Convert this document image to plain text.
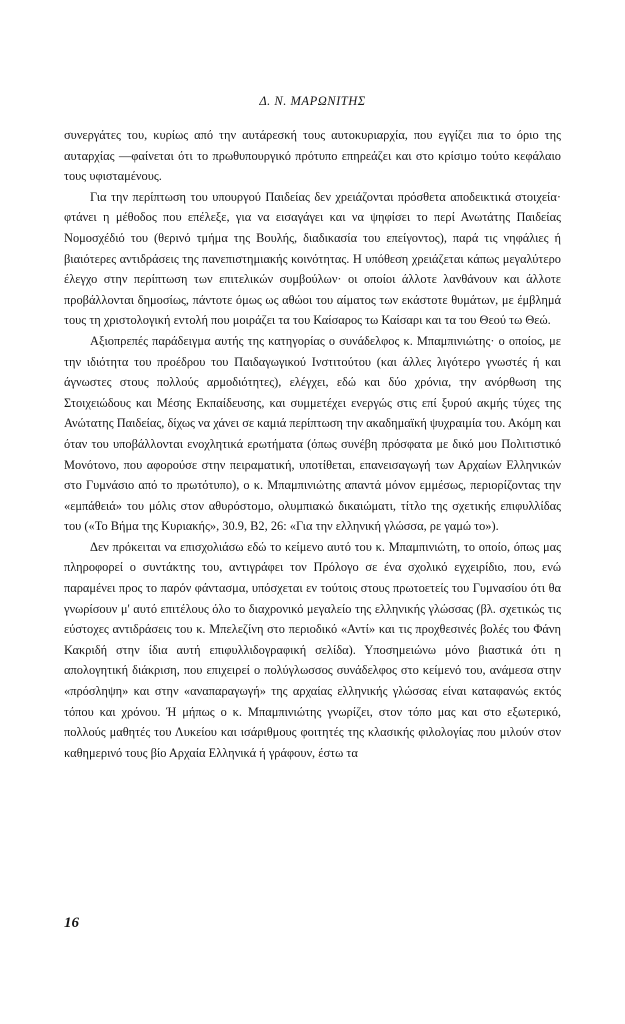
Δ. Ν. ΜΑΡΩΝΙΤΗΣ

συνεργάτες του, κυρίως από την αυτάρεσκή τους αυτοκυριαρχία, που εγγίζει πια το όριο της αυταρχίας —φαίνεται ότι το πρωθυπουργικό πρότυπο επηρεάζει και στο κρίσιμο τούτο κεφάλαιο τους υφισταμένους.

Για την περίπτωση του υπουργού Παιδείας δεν χρειάζονται πρόσθετα αποδεικτικά στοιχεία· φτάνει η μέθοδος που επέλεξε, για να εισαγάγει και να ψηφίσει το περί Ανωτάτης Παιδείας Νομοσχέδιό του (θερινό τμήμα της Βουλής, διαδικασία του επείγοντος), παρά τις νηφάλιες ή βιαιότερες αντιδράσεις της πανεπιστημιακής κοινότητας. Η υπόθεση χρειάζεται κάπως μεγαλύτερο έλεγχο στην περίπτωση των επιτελικών συμβούλων· οι οποίοι άλλοτε λανθάνουν και άλλοτε προβάλλονται δημοσίως, πάντοτε όμως ως αθώοι του αίματος των εκάστοτε θυμάτων, με έμβλημά τους τη χριστολογική εντολή που μοιράζει τα του Καίσαρος τω Καίσαρι και τα του Θεού τω Θεώ.

Αξιοπρεπές παράδειγμα αυτής της κατηγορίας ο συνάδελφος κ. Μπαμπινιώτης· ο οποίος, με την ιδιότητα του προέδρου του Παιδαγωγικού Ινστιτούτου (και άλλες λιγότερο γνωστές ή και άγνωστες στους πολλούς αρμοδιότητες), ελέγχει, εδώ και δύο χρόνια, την ανόρθωση της Στοιχειώδους και Μέσης Εκπαίδευσης, και συμμετέχει ενεργώς στις επί ξυρού ακμής τύχες της Ανώτατης Παιδείας, δίχως να χάνει σε καμιά περίπτωση την ακαδημαϊκή ψυχραιμία του. Ακόμη και όταν του υποβάλλονται ενοχλητικά ερωτήματα (όπως συνέβη πρόσφατα με δικό μου Πολιτιστικό Μονότονο, που αφορούσε στην πειραματική, υποτίθεται, επανεισαγωγή των Αρχαίων Ελληνικών στο Γυμνάσιο από το πρωτότυπο), ο κ. Μπαμπινιώτης απαντά μόνον εμμέσως, περιορίζοντας την «εμπάθειά» του μόλις στον αθυρόστομο, ολυμπιακώ δικαιώματι, τίτλο της σχετικής επιφυλλίδας του («Το Βήμα της Κυριακής», 30.9, Β2, 26: «Για την ελληνική γλώσσα, ρε γαμώ το»).

Δεν πρόκειται να επισχολιάσω εδώ το κείμενο αυτό του κ. Μπαμπινιώτη, το οποίο, όπως μας πληροφορεί ο συντάκτης του, αντιγράφει τον Πρόλογο σε ένα σχολικό εγχειρίδιο, που, ενώ παραμένει προς το παρόν φάντασμα, υπόσχεται εν τούτοις στους πρωτοετείς του Γυμνασίου ότι θα γνωρίσουν μ' αυτό επιτέλους όλο το διαχρονικό μεγαλείο της ελληνικής γλώσσας (βλ. σχετικώς τις εύστοχες αντιδράσεις του κ. Μπελεζίνη στο περιοδικό «Αντί» και τις προχθεσινές βολές του Φάνη Κακριδή στην ίδια αυτή επιφυλλιδογραφική σελίδα). Υποσημειώνω μόνο βιαστικά ότι η απολογητική διάκριση, που επιχειρεί ο πολύγλωσσος συνάδελφος στο κείμενό του, ανάμεσα στην «πρόσληψη» και στην «αναπαραγωγή» της αρχαίας ελληνικής γλώσσας είναι καταφανώς εκτός τόπου και χρόνου. Ή μήπως ο κ. Μπαμπινιώτης γνωρίζει, στον τόπο μας και στο εξωτερικό, πολλούς μαθητές του Λυκείου και ισάριθμους φοιτητές της κλασικής φιλολογίας που μιλούν στον καθημερινό τους βίο Αρχαία Ελληνικά ή γράφουν, έστω τα

16
